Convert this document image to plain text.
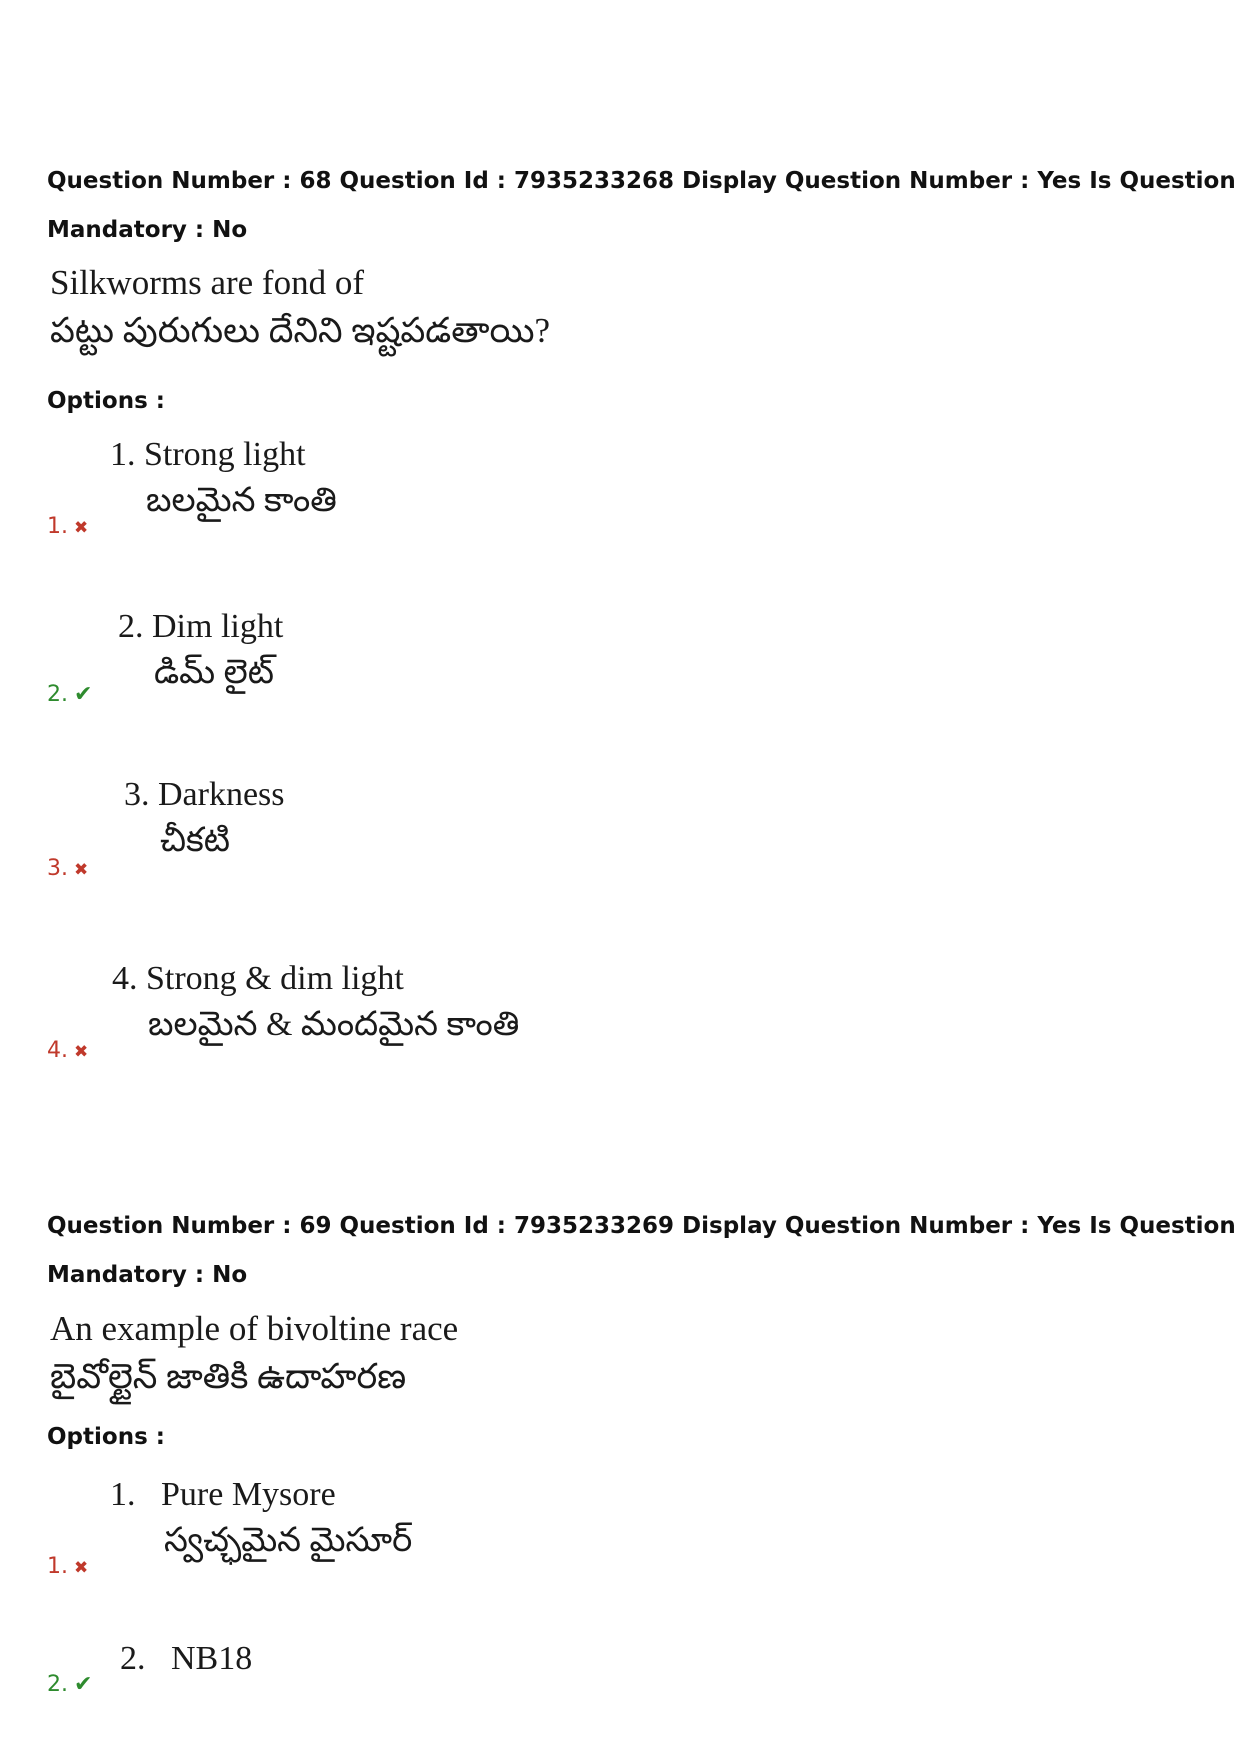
Question Number : 68 Question Id : 7935233268 Display Question Number : Yes Is Question
Mandatory : No
Silkworms are fond of
పట్టు పురుగులు దేనిని ఇష్టపడతాయి?
Options :
1. Strong light
బలమైన కాంతి
1. ✖
2. Dim light
డిమ్ లైట్
2. ✔
3. Darkness
చీకటి
3. ✖
4. Strong & dim light
బలమైన & మందమైన కాంతి
4. ✖
Question Number : 69 Question Id : 7935233269 Display Question Number : Yes Is Question
Mandatory : No
An example of bivoltine race
బైవోల్టైన్ జాతికి ఉదాహరణ
Options :
1.   Pure Mysore
స్వచ్ఛమైన మైసూర్
1. ✖
2.   NB18
2. ✔
